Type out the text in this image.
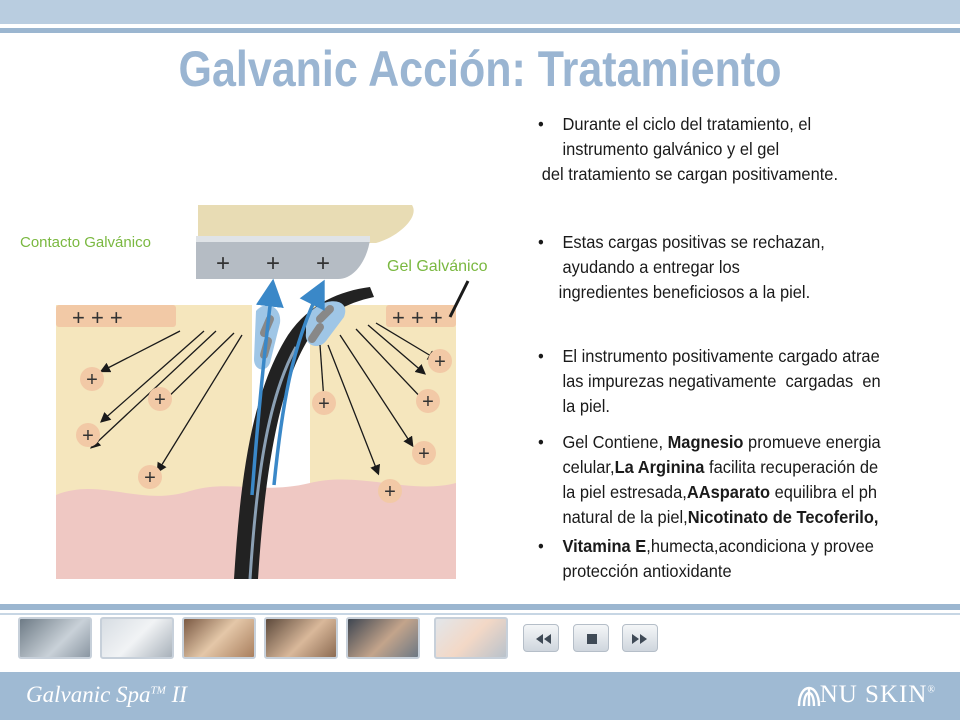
Galvanic Acción: Tratamiento
+ + +	+ + +
+ + +
+
+
+
+
+
+
+
+
+
Contacto Galvánico
Gel Galvánico
• Durante el ciclo del tratamiento, el
instrumento galvánico y el gel
del tratamiento se cargan positivamente.
• Estas cargas positivas se rechazan,
ayudando a entregar los
ingredientes beneficiosos a la piel.
• El instrumento positivamente cargado atrae
las impurezas negativamente  cargadas  en
la piel.
• Gel Contiene, Magnesio promueve energia
celular,La Arginina facilita recuperación de
la piel estresada,AAsparato equilibra el ph
natural de la piel,Nicotinato de Tecoferilo,
• Vitamina E,humecta,acondiciona y provee
protección antioxidante
Galvanic Spa™ II	NU SKIN®
